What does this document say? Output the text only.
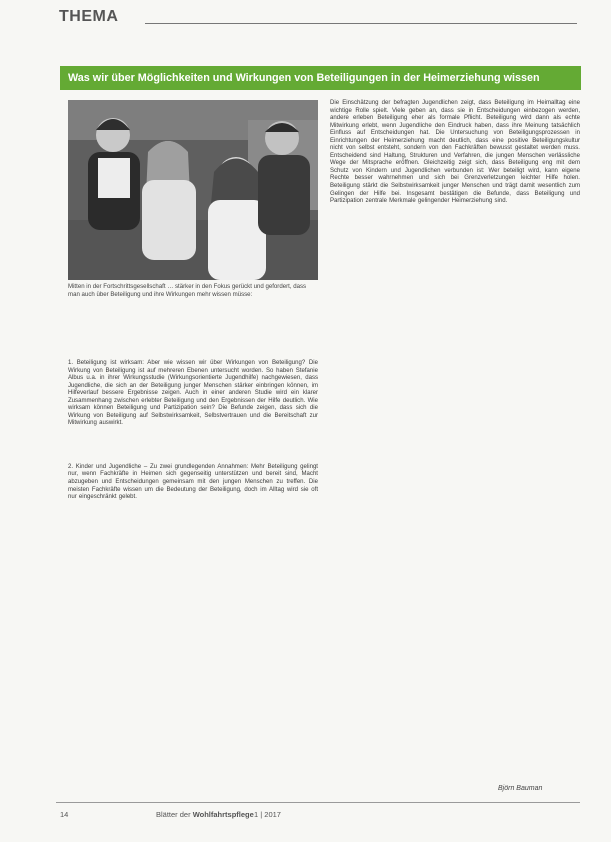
THEMA
Was wir über Möglichkeiten und Wirkungen von Beteiligungen in der Heimerziehung wissen
Mitten in der Fortschrittsgesellschaft … stärker in den Fokus gerückt und gefordert, dass man auch über Beteiligung und ihre Wirkungen mehr wissen müsse:

1. Beteiligung ist wirksam: Aber wie wissen wir über Wirkungen von Beteiligung? Die Wirkung von Beteiligung ist auf mehreren Ebenen untersucht worden. So haben Stefanie Albus u.a. in ihrer Wirkungsstudie (Wirkungsorientierte Jugendhilfe) nachgewiesen, dass Jugendliche, die sich an der Beteiligung junger Menschen stärker einbringen können, im Hilfeverlauf bessere Ergebnisse zeigen. Auch in einer anderen Studie wird ein klarer Zusammenhang zwischen erlebter Beteiligung und den Ergebnissen der Hilfe deutlich. Wie wirksam können Beteiligung und Partizipation sein? Die Befunde zeigen, dass sich die Wirkung von Beteiligung auf Selbstwirksamkeit, Selbstvertrauen und die Bereitschaft zur Mitwirkung auswirkt.

2. Kinder und Jugendliche – Zu zwei grundlegenden Annahmen: Mehr Beteiligung gelingt nur, wenn Fachkräfte in Heimen sich gegenseitig unterstützen und bereit sind, Macht abzugeben und Entscheidungen gemeinsam mit den jungen Menschen zu treffen. Die meisten Fachkräfte wissen um die Bedeutung der Beteiligung, doch im Alltag wird sie oft nur eingeschränkt gelebt.

Die Einschätzung der befragten Jugendlichen zeigt, dass Beteiligung im Heimalltag eine wichtige Rolle spielt. Viele geben an, dass sie in Entscheidungen einbezogen werden, andere erleben Beteiligung eher als formale Pflicht. Beteiligung wird dann als echte Mitwirkung erlebt, wenn Jugendliche den Eindruck haben, dass ihre Meinung tatsächlich Einfluss auf Entscheidungen hat. Die Untersuchung von Beteiligungsprozessen in Einrichtungen der Heimerziehung macht deutlich, dass eine positive Beteiligungskultur nicht von selbst entsteht, sondern von den Fachkräften bewusst gestaltet werden muss. Entscheidend sind Haltung, Strukturen und Verfahren, die jungen Menschen verlässliche Wege der Mitsprache eröffnen. Gleichzeitig zeigt sich, dass Beteiligung eng mit dem Schutz von Kindern und Jugendlichen verbunden ist: Wer beteiligt wird, kann eigene Rechte besser wahrnehmen und sich bei Grenzverletzungen leichter Hilfe holen. Beteiligung stärkt die Selbstwirksamkeit junger Menschen und trägt damit wesentlich zum Gelingen der Hilfe bei. Insgesamt bestätigen die Befunde, dass Beteiligung und Partizipation zentrale Merkmale gelingender Heimerziehung sind.

Björn Bauman
14	Blätter der Wohlfahrtspflege 1 | 2017
